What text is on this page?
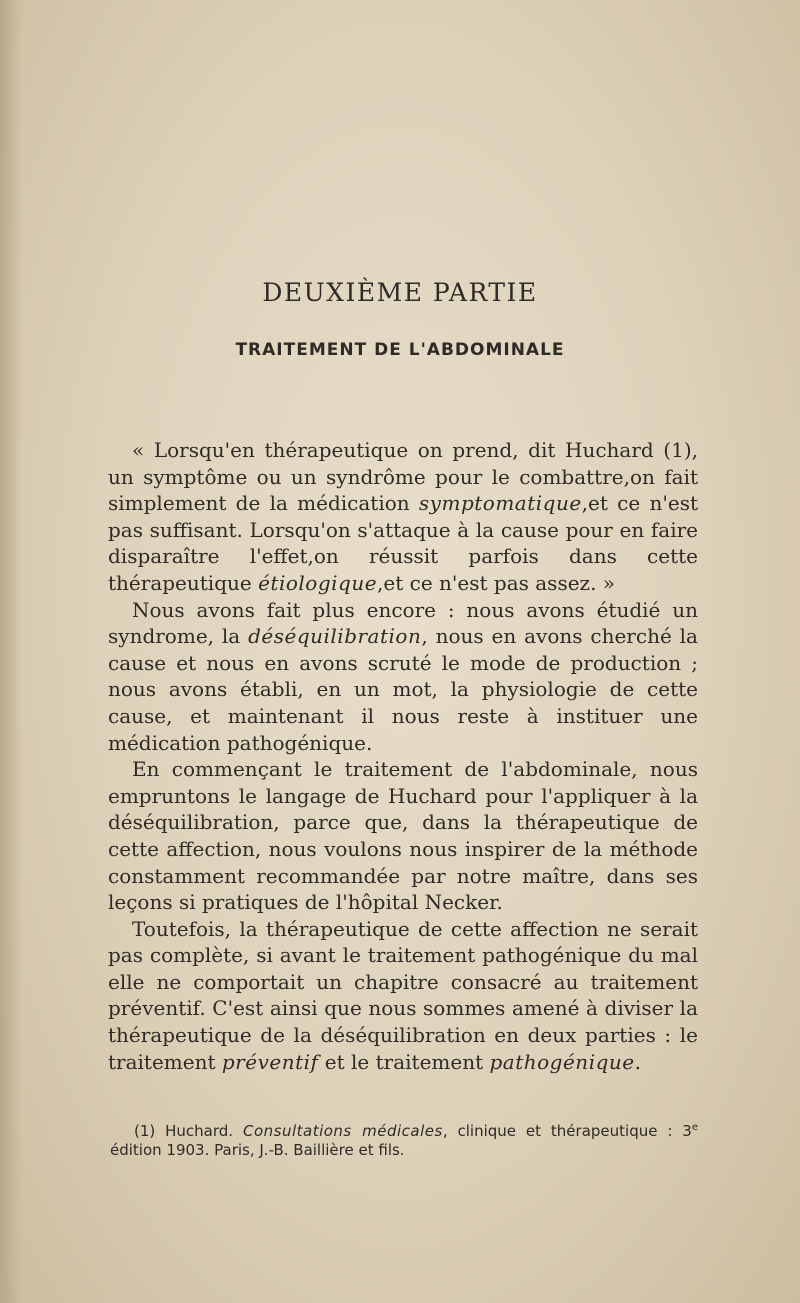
DEUXIÈME PARTIE
TRAITEMENT DE L'ABDOMINALE

« Lorsqu'en thérapeutique on prend, dit Huchard (1), un symptôme ou un syndrôme pour le combattre,on fait simplement de la médication symptomatique,et ce n'est pas suffisant. Lorsqu'on s'attaque à la cause pour en faire disparaître l'effet,on réussit parfois dans cette thérapeutique étiologique,et ce n'est pas assez. »

Nous avons fait plus encore : nous avons étudié un syndrome, la déséquilibration, nous en avons cherché la cause et nous en avons scruté le mode de production ; nous avons établi, en un mot, la physiologie de cette cause, et maintenant il nous reste à instituer une médication pathogénique.

En commençant le traitement de l'abdominale, nous empruntons le langage de Huchard pour l'appliquer à la déséquilibration, parce que, dans la thérapeutique de cette affection, nous voulons nous inspirer de la méthode constamment recommandée par notre maître, dans ses leçons si pratiques de l'hôpital Necker.

Toutefois, la thérapeutique de cette affection ne serait pas complète, si avant le traitement pathogénique du mal elle ne comportait un chapitre consacré au traitement préventif. C'est ainsi que nous sommes amené à diviser la thérapeutique de la déséquilibration en deux parties : le traitement préventif et le traitement pathogénique.

(1) Huchard. Consultations médicales, clinique et thérapeutique : 3e édition 1903. Paris, J.-B. Baillière et fils.
